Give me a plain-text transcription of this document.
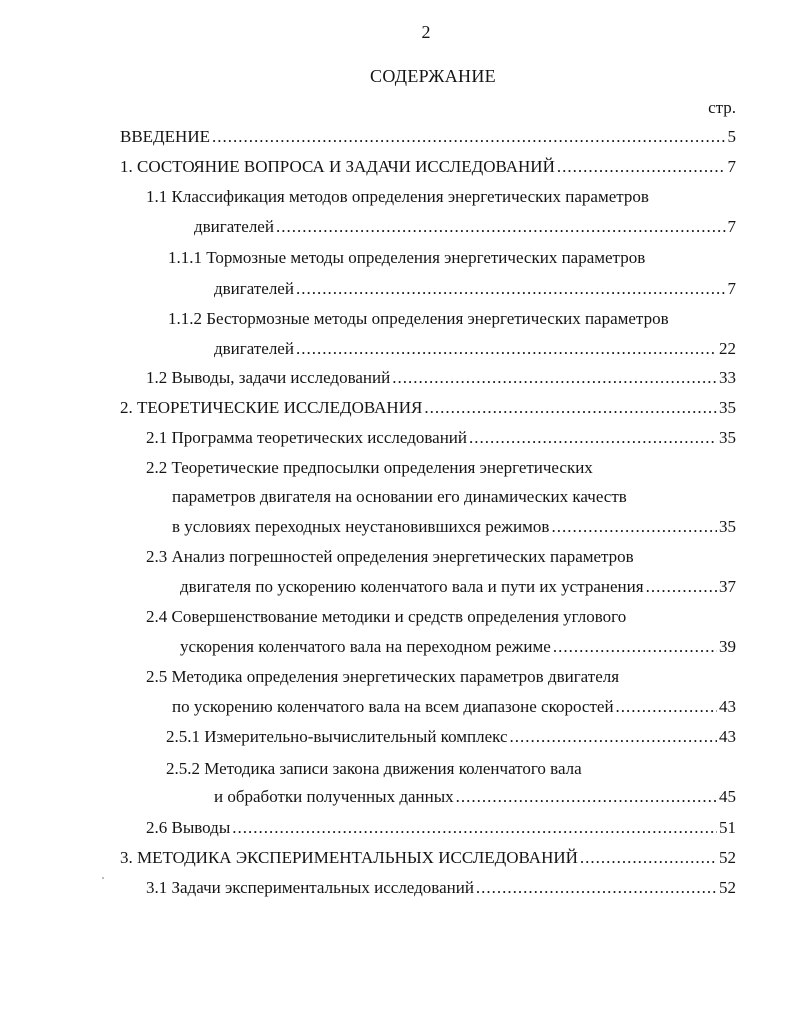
2
СОДЕРЖАНИЕ
стр.
ВВЕДЕНИЕ .....	5
1. СОСТОЯНИЕ ВОПРОСА И ЗАДАЧИ ИССЛЕДОВАНИЙ .....	7
1.1 Классификация методов определения энергетических параметров
двигателей .....	7
1.1.1 Тормозные методы определения энергетических параметров
двигателей .....	7
1.1.2 Бестормозные методы определения энергетических параметров
двигателей .....	22
1.2 Выводы, задачи исследований .....	33
2. ТЕОРЕТИЧЕСКИЕ ИССЛЕДОВАНИЯ .....	35
2.1 Программа теоретических исследований .....	35
2.2 Теоретические предпосылки определения энергетических
параметров двигателя на основании его динамических качеств
в условиях переходных неустановившихся режимов .....	35
2.3 Анализ погрешностей определения энергетических параметров
двигателя по ускорению коленчатого вала и пути их устранения .....	37
2.4 Совершенствование методики и средств определения углового
ускорения коленчатого вала на переходном режиме .....	39
2.5 Методика определения энергетических параметров двигателя
по ускорению коленчатого вала на всем диапазоне скоростей .....	43
2.5.1 Измерительно-вычислительный комплекс .....	43
2.5.2 Методика записи закона движения коленчатого вала
и обработки полученных данных .....	45
2.6 Выводы .....	51
3. МЕТОДИКА ЭКСПЕРИМЕНТАЛЬНЫХ ИССЛЕДОВАНИЙ .....	52
3.1 Задачи экспериментальных исследований .....	52
